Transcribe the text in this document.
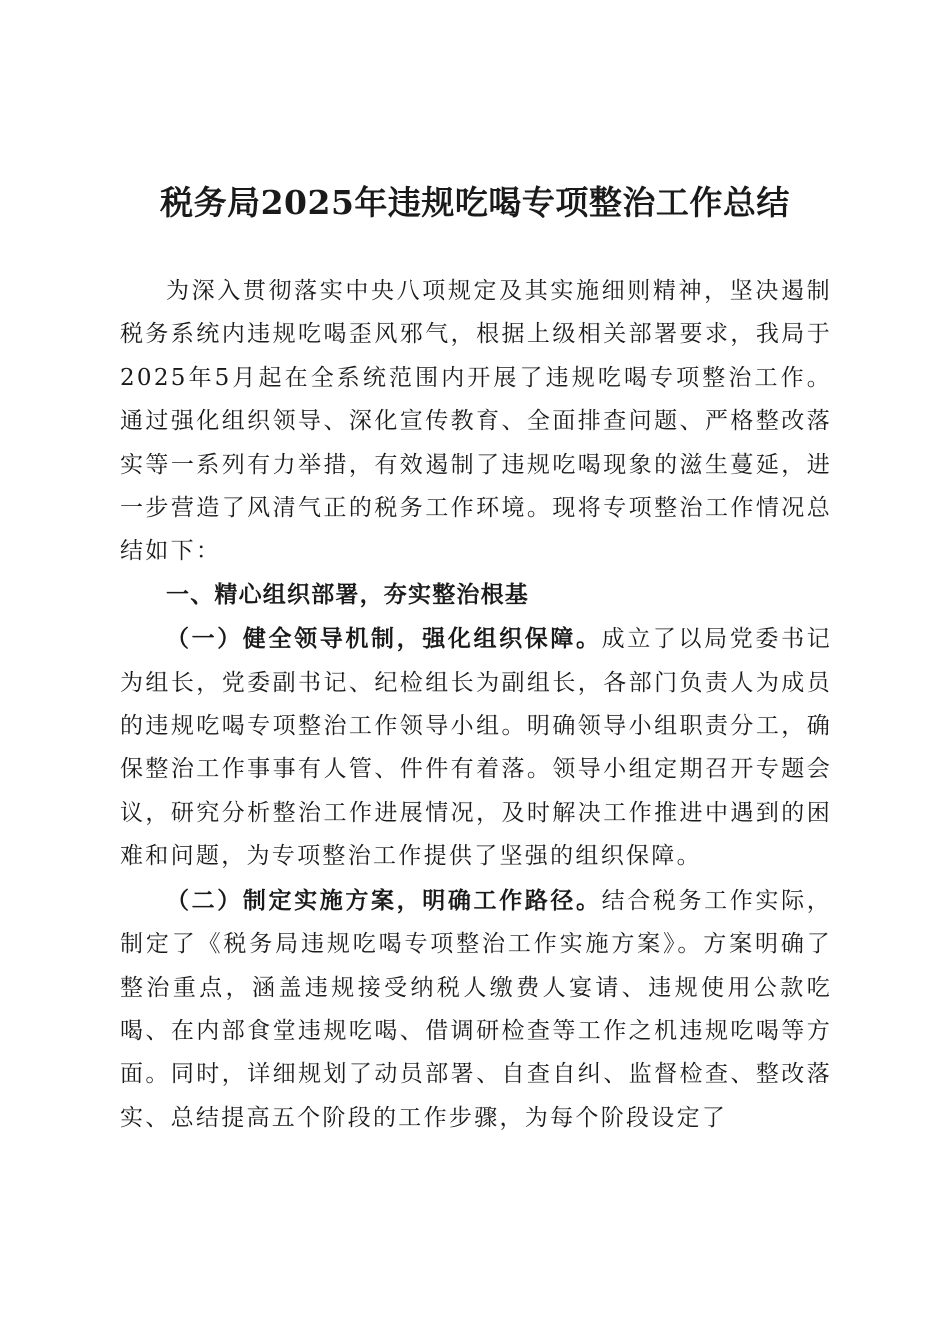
税务局2025年违规吃喝专项整治工作总结

为深入贯彻落实中央八项规定及其实施细则精神，坚决遏制税务系统内违规吃喝歪风邪气，根据上级相关部署要求，我局于2025年5月起在全系统范围内开展了违规吃喝专项整治工作。通过强化组织领导、深化宣传教育、全面排查问题、严格整改落实等一系列有力举措，有效遏制了违规吃喝现象的滋生蔓延，进一步营造了风清气正的税务工作环境。现将专项整治工作情况总结如下：

一、精心组织部署，夯实整治根基

（一）健全领导机制，强化组织保障。成立了以局党委书记为组长，党委副书记、纪检组长为副组长，各部门负责人为成员的违规吃喝专项整治工作领导小组。明确领导小组职责分工，确保整治工作事事有人管、件件有着落。领导小组定期召开专题会议，研究分析整治工作进展情况，及时解决工作推进中遇到的困难和问题，为专项整治工作提供了坚强的组织保障。

（二）制定实施方案，明确工作路径。结合税务工作实际，制定了《税务局违规吃喝专项整治工作实施方案》。方案明确了整治重点，涵盖违规接受纳税人缴费人宴请、违规使用公款吃喝、在内部食堂违规吃喝、借调研检查等工作之机违规吃喝等方面。同时，详细规划了动员部署、自查自纠、监督检查、整改落实、总结提高五个阶段的工作步骤，为每个阶段设定了
